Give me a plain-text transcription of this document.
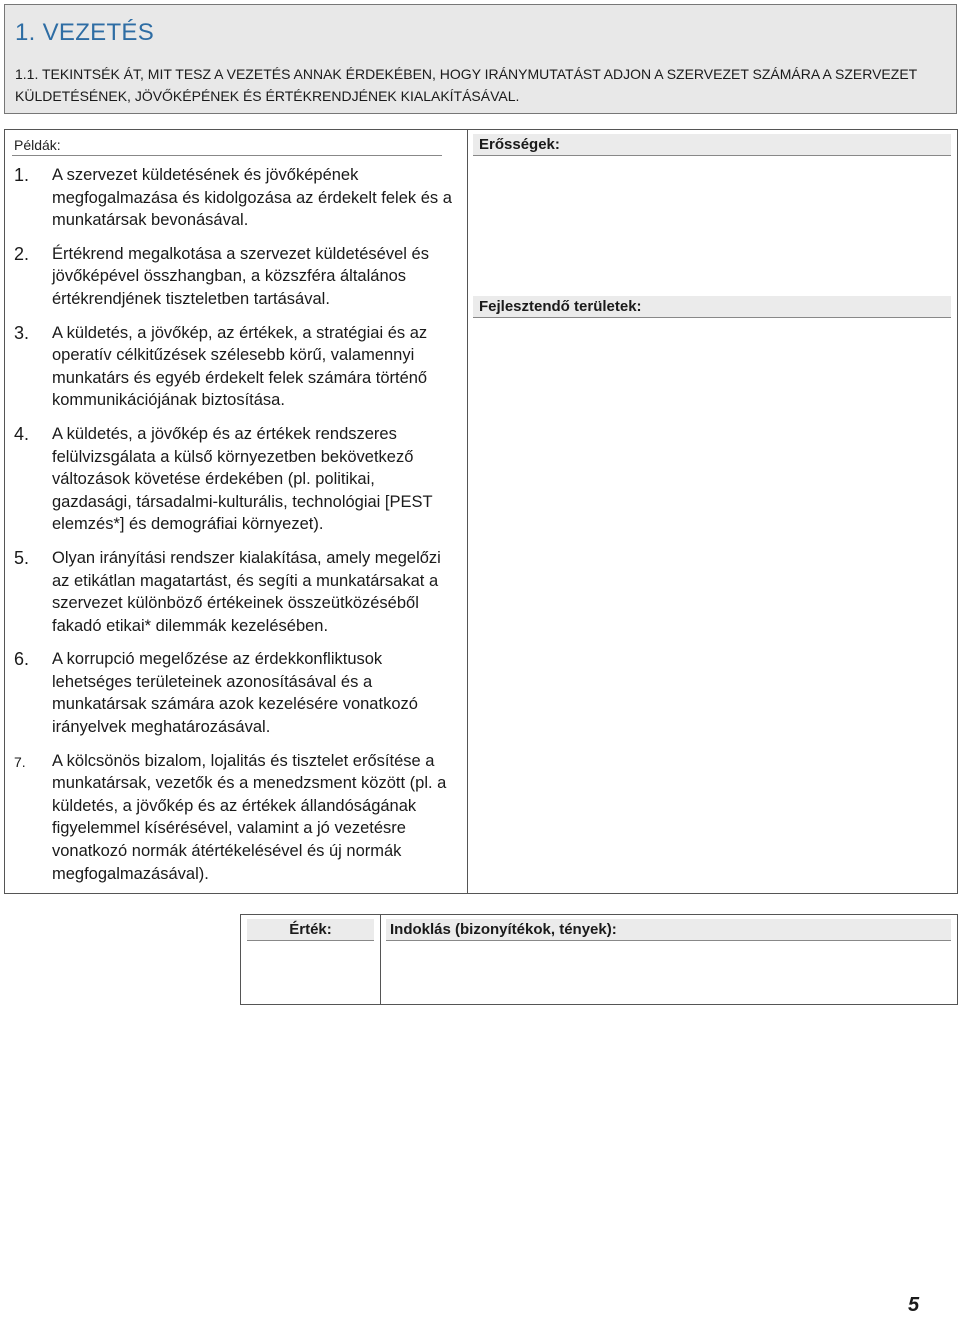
1. VEZETÉS

1.1. TEKINTSÉK ÁT, MIT TESZ A VEZETÉS ANNAK ÉRDEKÉBEN, HOGY IRÁNYMUTATÁST ADJON A SZERVEZET SZÁMÁRA A SZERVEZET KÜLDETÉSÉNEK, JÖVŐKÉPÉNEK ÉS ÉRTÉKRENDJÉNEK KIALAKÍTÁSÁVAL.

Példák:
1. A szervezet küldetésének és jövőképének megfogalmazása és kidolgozása az érdekelt felek és a munkatársak bevonásával.
2. Értékrend megalkotása a szervezet küldetésével és jövőképével összhangban, a közszféra általános értékrendjének tiszteletben tartásával.
3. A küldetés, a jövőkép, az értékek, a stratégiai és az operatív célkitűzések szélesebb körű, valamennyi munkatárs és egyéb érdekelt felek számára történő kommunikációjának biztosítása.
4. A küldetés, a jövőkép és az értékek rendszeres felülvizsgálata a külső környezetben bekövetkező változások követése érdekében (pl. politikai, gazdasági, társadalmi-kulturális, technológiai [PEST elemzés*] és demográfiai környezet).
5. Olyan irányítási rendszer kialakítása, amely megelőzi az etikátlan magatartást, és segíti a munkatársakat a szervezet különböző értékeinek összeütközéséből fakadó etikai* dilemmák kezelésében.
6. A korrupció megelőzése az érdekkonfliktusok lehetséges területeinek azonosításával és a munkatársak számára azok kezelésére vonatkozó irányelvek meghatározásával.
7. A kölcsönös bizalom, lojalitás és tisztelet erősítése a munkatársak, vezetők és a menedzsment között (pl. a küldetés, a jövőkép és az értékek állandóságának figyelemmel kísérésével, valamint a jó vezetésre vonatkozó normák átértékelésével és új normák megfogalmazásával).
Erősségek:
Fejlesztendő területek:
Érték:	Indoklás (bizonyítékok, tények):
5
